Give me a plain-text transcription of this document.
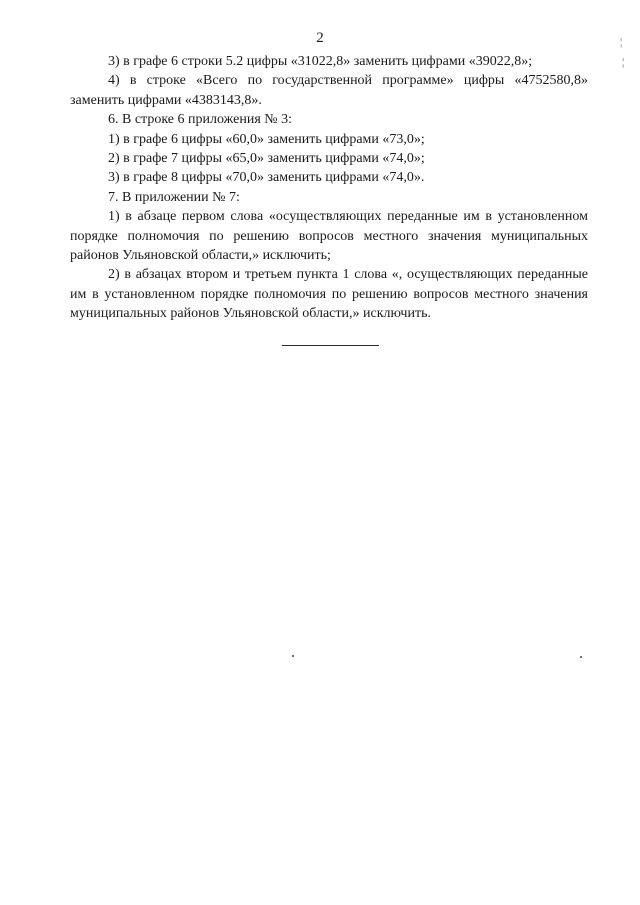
2

3) в графе 6 строки 5.2 цифры «31022,8» заменить цифрами «39022,8»;

4) в строке «Всего по государственной программе» цифры «4752580,8» заменить цифрами «4383143,8».

6. В строке 6 приложения № 3:

1) в графе 6 цифры «60,0» заменить цифрами «73,0»;

2) в графе 7 цифры «65,0» заменить цифрами «74,0»;

3) в графе 8 цифры «70,0» заменить цифрами «74,0».

7. В приложении № 7:

1) в абзаце первом слова «осуществляющих переданные им в установленном порядке полномочия по решению вопросов местного значения муниципальных районов Ульяновской области,» исключить;

2) в абзацах втором и третьем пункта 1 слова «, осуществляющих переданные им в установленном порядке полномочия по решению вопросов местного значения муниципальных районов Ульяновской области,» исключить.

¦
¦
